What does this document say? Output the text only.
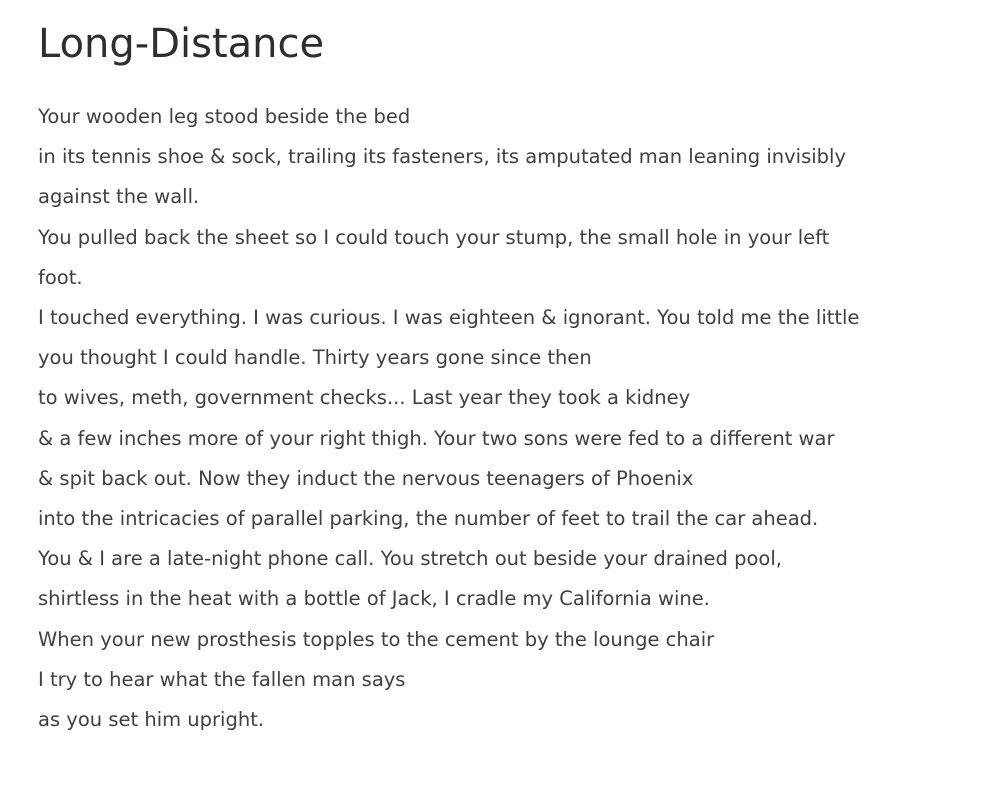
Long-Distance
Your wooden leg stood beside the bed
in its tennis shoe & sock, trailing its fasteners, its amputated man leaning invisibly
against the wall.
You pulled back the sheet so I could touch your stump, the small hole in your left
foot.
I touched everything. I was curious. I was eighteen & ignorant. You told me the little
you thought I could handle. Thirty years gone since then
to wives, meth, government checks... Last year they took a kidney
& a few inches more of your right thigh. Your two sons were fed to a different war
& spit back out. Now they induct the nervous teenagers of Phoenix
into the intricacies of parallel parking, the number of feet to trail the car ahead.
You & I are a late-night phone call. You stretch out beside your drained pool,
shirtless in the heat with a bottle of Jack, I cradle my California wine.
When your new prosthesis topples to the cement by the lounge chair
I try to hear what the fallen man says
as you set him upright.
